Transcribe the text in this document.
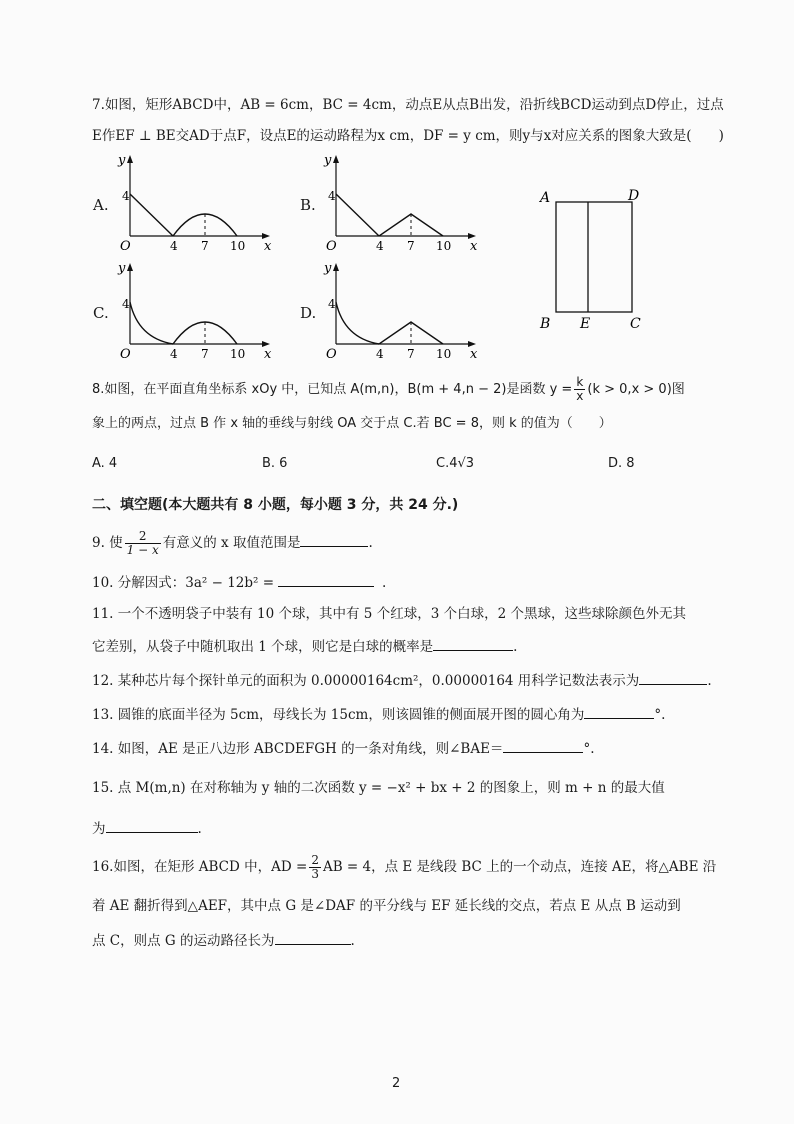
7.如图，矩形ABCD中，AB = 6cm，BC = 4cm，动点E从点B出发，沿折线BCD运动到点D停止，过点
E作EF ⊥ BE交AD于点F，设点E的运动路程为x cm，DF = y cm，则y与x对应关系的图象大致是(　　)
A.	B.
C.	D.
y
x
O
4
4 7 10
y
x
O
4
4 7 10
y
x
O
4
4 7 10
y
x
O
4
4 7 10
A	D
B E	C
8.如图，在平面直角坐标系 xOy 中，已知点 A(m,n)，B(m + 4,n − 2)是函数 $y = \frac{k}{x} (k > 0,x > 0)$图
象上的两点，过点 B 作 x 轴的垂线与射线 OA 交于点 C.若 BC = 8，则 k 的值为（　　）
A. 4	B. 6	C.4√3	D. 8
二、填空题(本大题共有 8 小题，每小题 3 分，共 24 分.)
9. 使 $\frac{2}{1 - x}$ 有意义的 x 取值范围是	.
10. 分解因式：3a² − 12b² =	.
11. 一个不透明袋子中装有 10 个球，其中有 5 个红球，3 个白球，2 个黑球，这些球除颜色外无其
它差别，从袋子中随机取出 1 个球，则它是白球的概率是	.
12. 某种芯片每个探针单元的面积为 0.00000164cm²，0.00000164 用科学记数法表示为	.
13. 圆锥的底面半径为 5cm，母线长为 15cm，则该圆锥的侧面展开图的圆心角为	°.
14. 如图，AE 是正八边形 ABCDEFGH 的一条对角线，则∠BAE＝	°.
15. 点 M(m,n) 在对称轴为 y 轴的二次函数 y = −x² + bx + 2 的图象上，则 m + n 的最大值
为	.
16.如图，在矩形 ABCD 中，AD = $\frac{2}{3}$ AB = 4，点 E 是线段 BC 上的一个动点，连接 AE，将△ABE 沿
着 AE 翻折得到△AEF，其中点 G 是∠DAF 的平分线与 EF 延长线的交点，若点 E 从点 B 运动到
点 C，则点 G 的运动路径长为	.
2
